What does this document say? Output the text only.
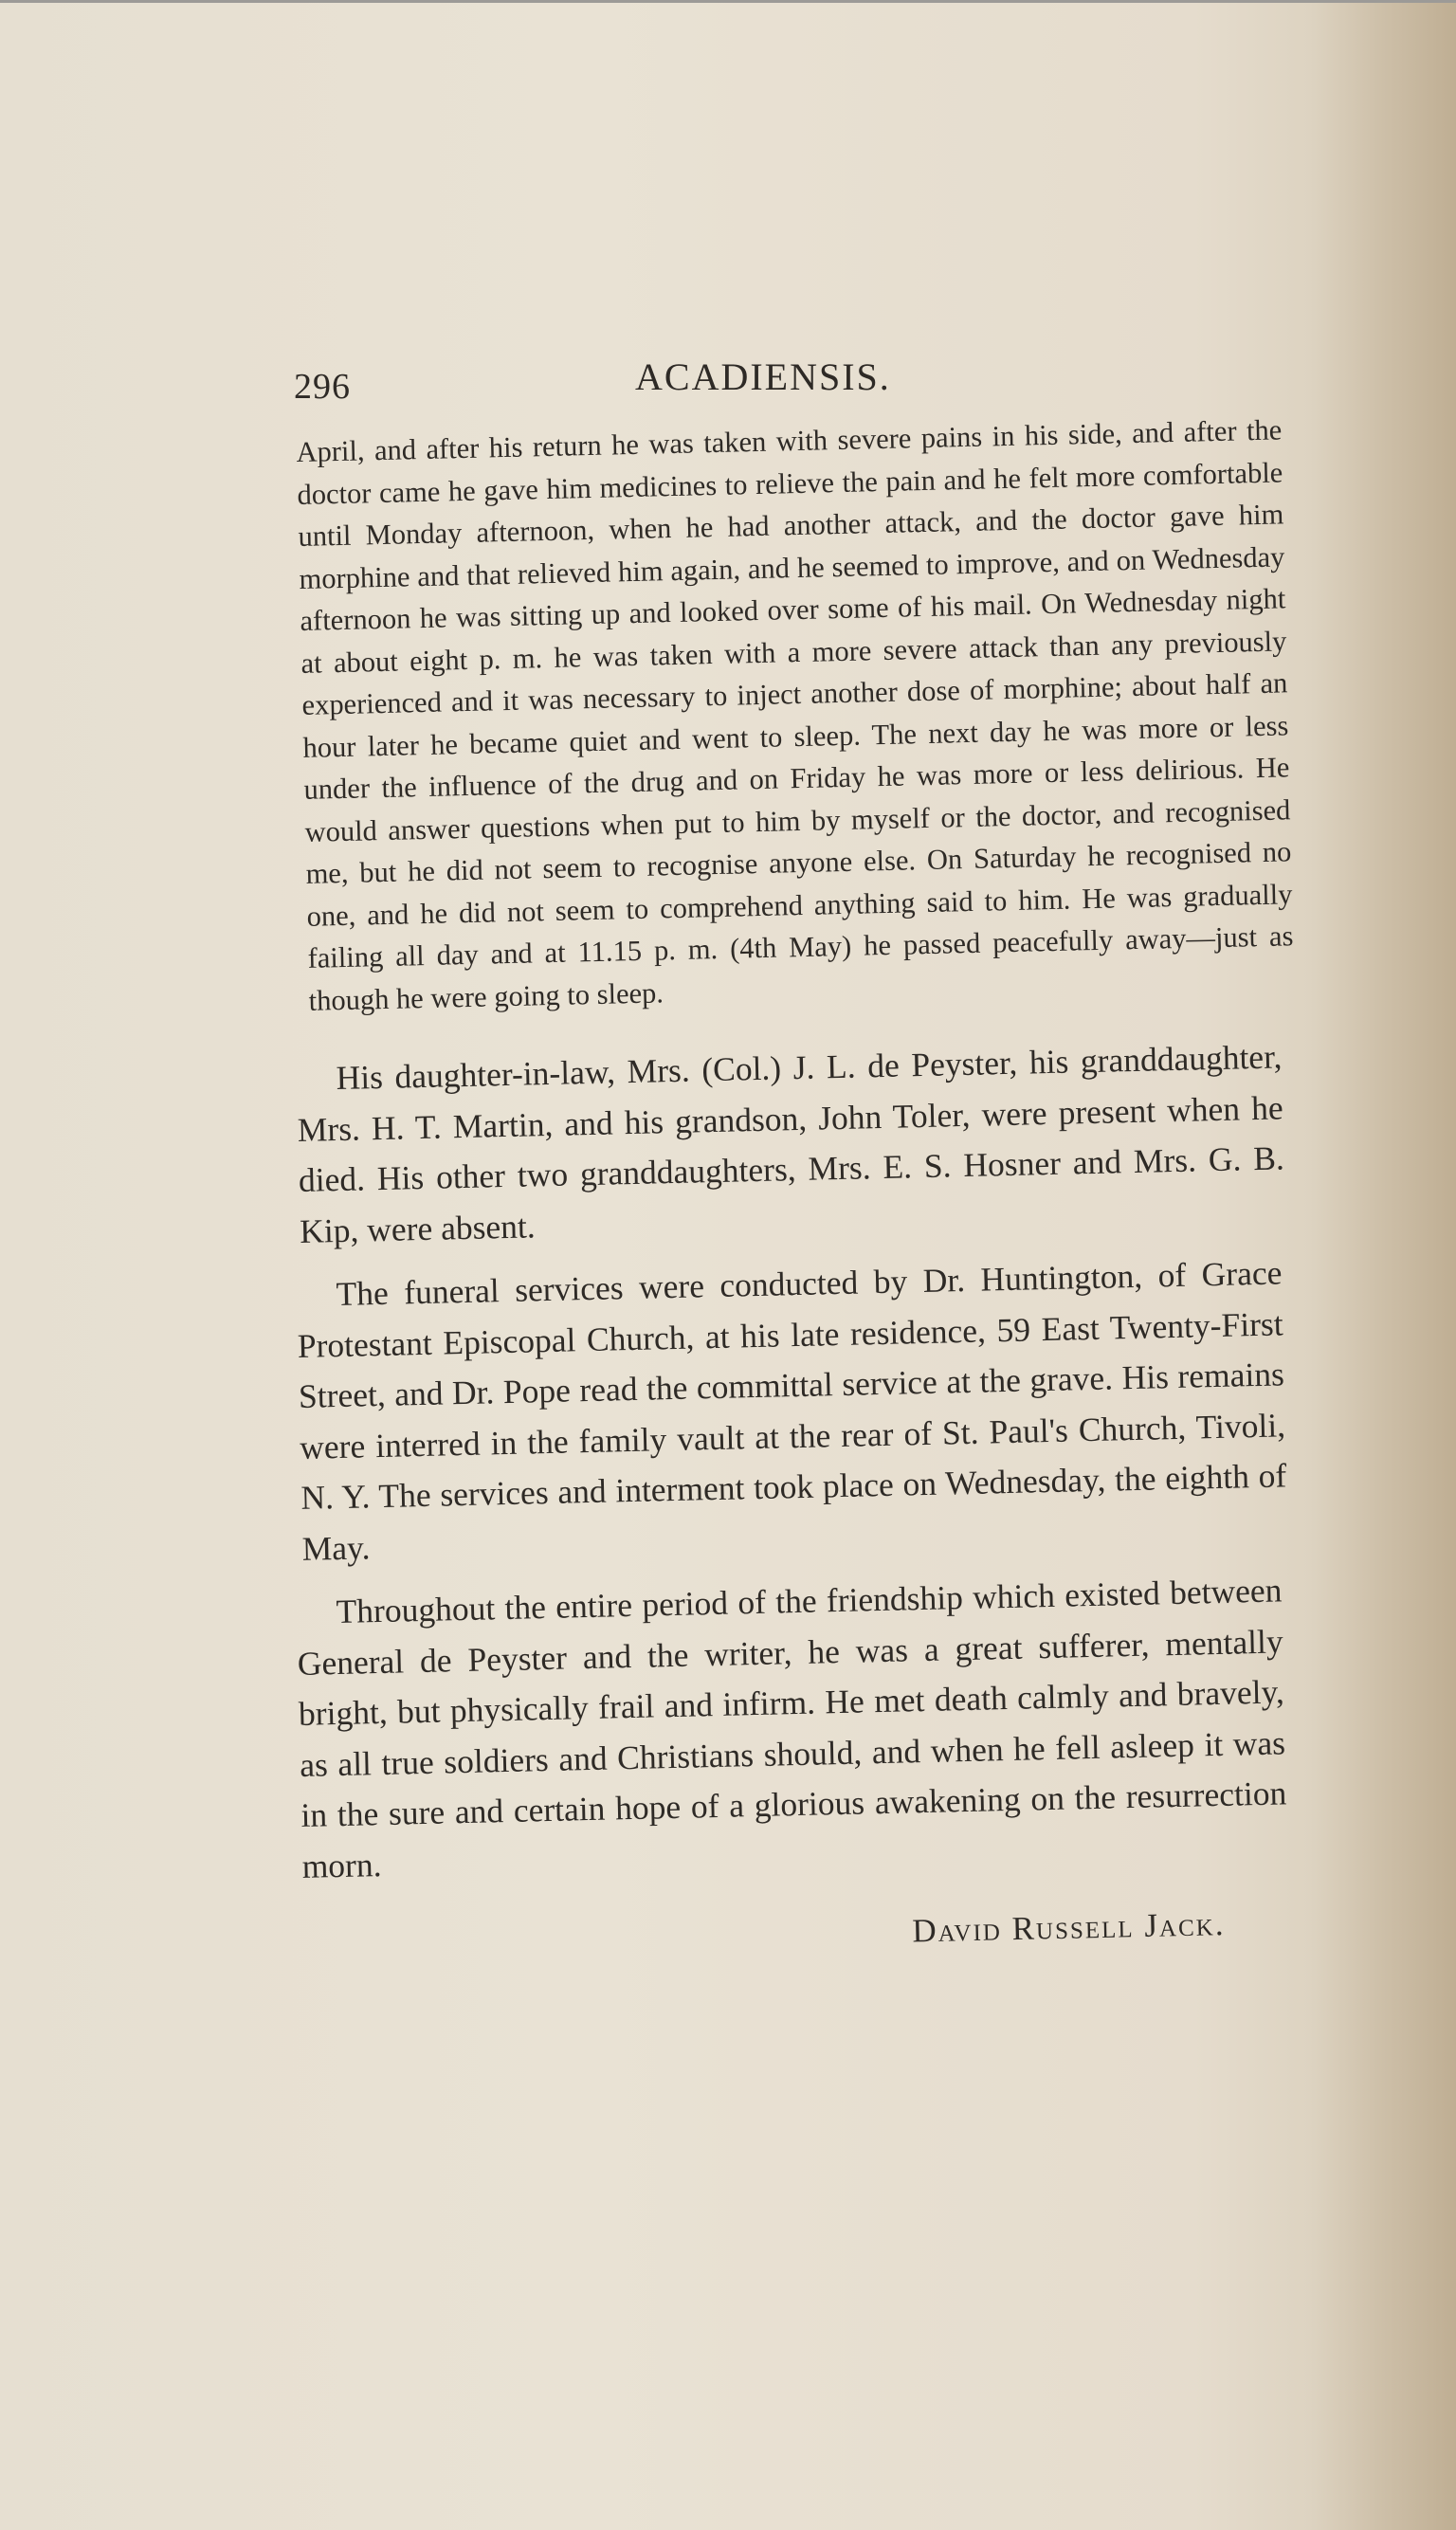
296	ACADIENSIS.

April, and after his return he was taken with severe pains in his side, and after the doctor came he gave him medicines to relieve the pain and he felt more comfortable until Monday afternoon, when he had another attack, and the doctor gave him morphine and that relieved him again, and he seemed to improve, and on Wednesday afternoon he was sitting up and looked over some of his mail. On Wednesday night at about eight p. m. he was taken with a more severe attack than any previously experienced and it was necessary to inject another dose of morphine; about half an hour later he became quiet and went to sleep. The next day he was more or less under the influence of the drug and on Friday he was more or less delirious. He would answer questions when put to him by myself or the doctor, and recognised me, but he did not seem to recognise anyone else. On Saturday he recognised no one, and he did not seem to comprehend anything said to him. He was gradually failing all day and at 11.15 p. m. (4th May) he passed peacefully away—just as though he were going to sleep.

His daughter-in-law, Mrs. (Col.) J. L. de Peyster, his granddaughter, Mrs. H. T. Martin, and his grandson, John Toler, were present when he died. His other two granddaughters, Mrs. E. S. Hosner and Mrs. G. B. Kip, were absent.

The funeral services were conducted by Dr. Huntington, of Grace Protestant Episcopal Church, at his late residence, 59 East Twenty-First Street, and Dr. Pope read the committal service at the grave. His remains were interred in the family vault at the rear of St. Paul's Church, Tivoli, N. Y. The services and interment took place on Wednesday, the eighth of May.

Throughout the entire period of the friendship which existed between General de Peyster and the writer, he was a great sufferer, mentally bright, but physically frail and infirm. He met death calmly and bravely, as all true soldiers and Christians should, and when he fell asleep it was in the sure and certain hope of a glorious awakening on the resurrection morn.

David Russell Jack.
